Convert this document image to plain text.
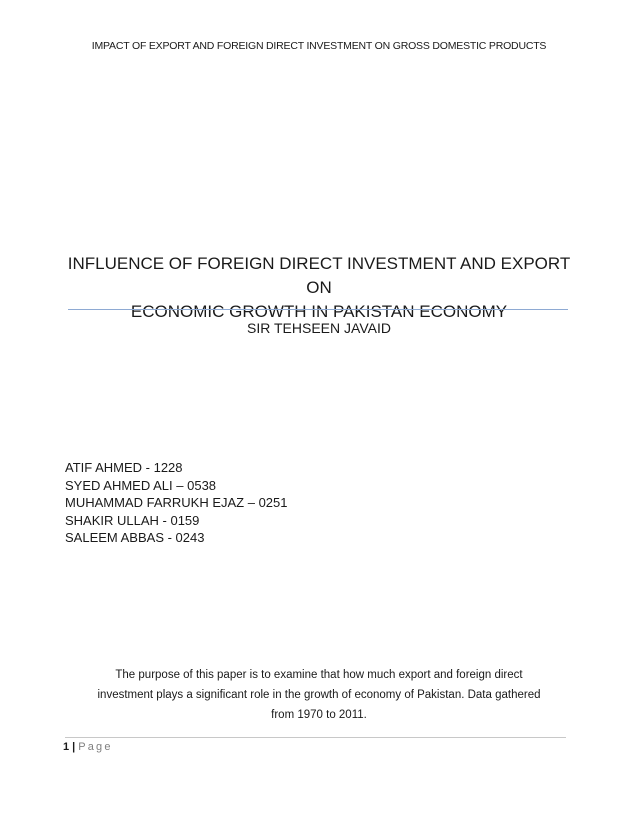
IMPACT OF EXPORT AND FOREIGN DIRECT INVESTMENT ON GROSS DOMESTIC PRODUCTS
INFLUENCE OF FOREIGN DIRECT INVESTMENT AND EXPORT ON
ECONOMIC GROWTH IN PAKISTAN ECONOMY
SIR TEHSEEN JAVAID
ATIF AHMED - 1228
SYED AHMED ALI – 0538
MUHAMMAD FARRUKH EJAZ – 0251
SHAKIR ULLAH - 0159
SALEEM ABBAS - 0243
The purpose of this paper is to examine that how much export and foreign direct
investment plays a significant role in the growth of economy of Pakistan. Data gathered
from 1970 to 2011.
1 | Page
